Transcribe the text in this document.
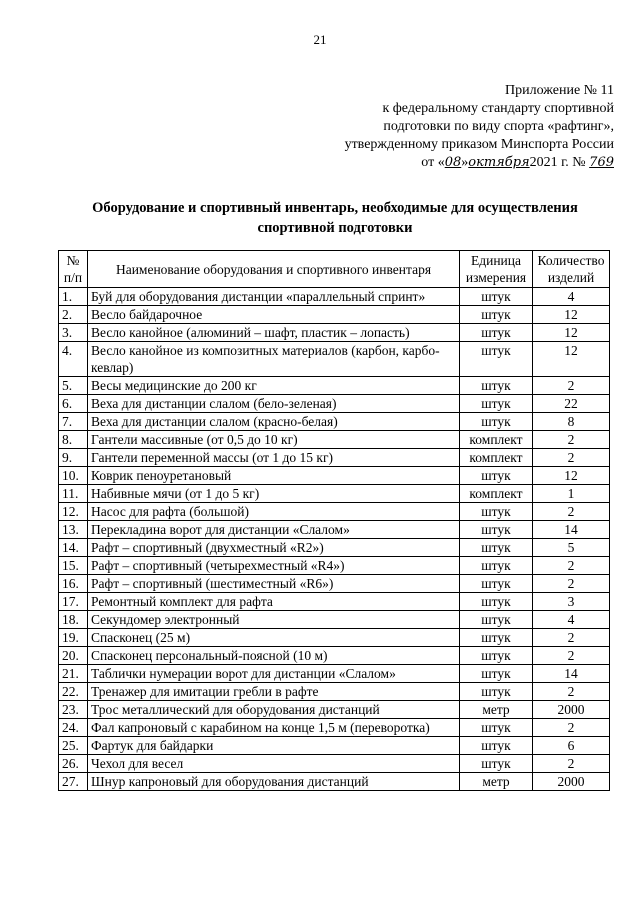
21
Приложение № 11
к федеральному стандарту спортивной
подготовки по виду спорта «рафтинг»,
утвержденному приказом Минспорта России
от «08»октября2021 г. № 769
Оборудование и спортивный инвентарь, необходимые для осуществления
спортивной подготовки
№ п/п	Наименование оборудования и спортивного инвентаря	Единица измерения	Количество изделий
1.	Буй для оборудования дистанции «параллельный спринт»	штук	4
2.	Весло байдарочное	штук	12
3.	Весло канойное (алюминий – шафт, пластик – лопасть)	штук	12
4.	Весло канойное из композитных материалов (карбон, карбо-кевлар)	штук	12
5.	Весы медицинские до 200 кг	штук	2
6.	Веха для дистанции слалом (бело-зеленая)	штук	22
7.	Веха для дистанции слалом (красно-белая)	штук	8
8.	Гантели массивные (от 0,5 до 10 кг)	комплект	2
9.	Гантели переменной массы (от 1 до 15 кг)	комплект	2
10.	Коврик пеноуретановый	штук	12
11.	Набивные мячи (от 1 до 5 кг)	комплект	1
12.	Насос для рафта (большой)	штук	2
13.	Перекладина ворот для дистанции «Слалом»	штук	14
14.	Рафт – спортивный (двухместный «R2»)	штук	5
15.	Рафт – спортивный (четырехместный «R4»)	штук	2
16.	Рафт – спортивный (шестиместный «R6»)	штук	2
17.	Ремонтный комплект для рафта	штук	3
18.	Секундомер электронный	штук	4
19.	Спасконец (25 м)	штук	2
20.	Спасконец персональный-поясной (10 м)	штук	2
21.	Таблички нумерации ворот для дистанции «Слалом»	штук	14
22.	Тренажер для имитации гребли в рафте	штук	2
23.	Трос металлический для оборудования дистанций	метр	2000
24.	Фал капроновый с карабином на конце 1,5 м (переворотка)	штук	2
25.	Фартук для байдарки	штук	6
26.	Чехол для весел	штук	2
27.	Шнур капроновый для оборудования дистанций	метр	2000
